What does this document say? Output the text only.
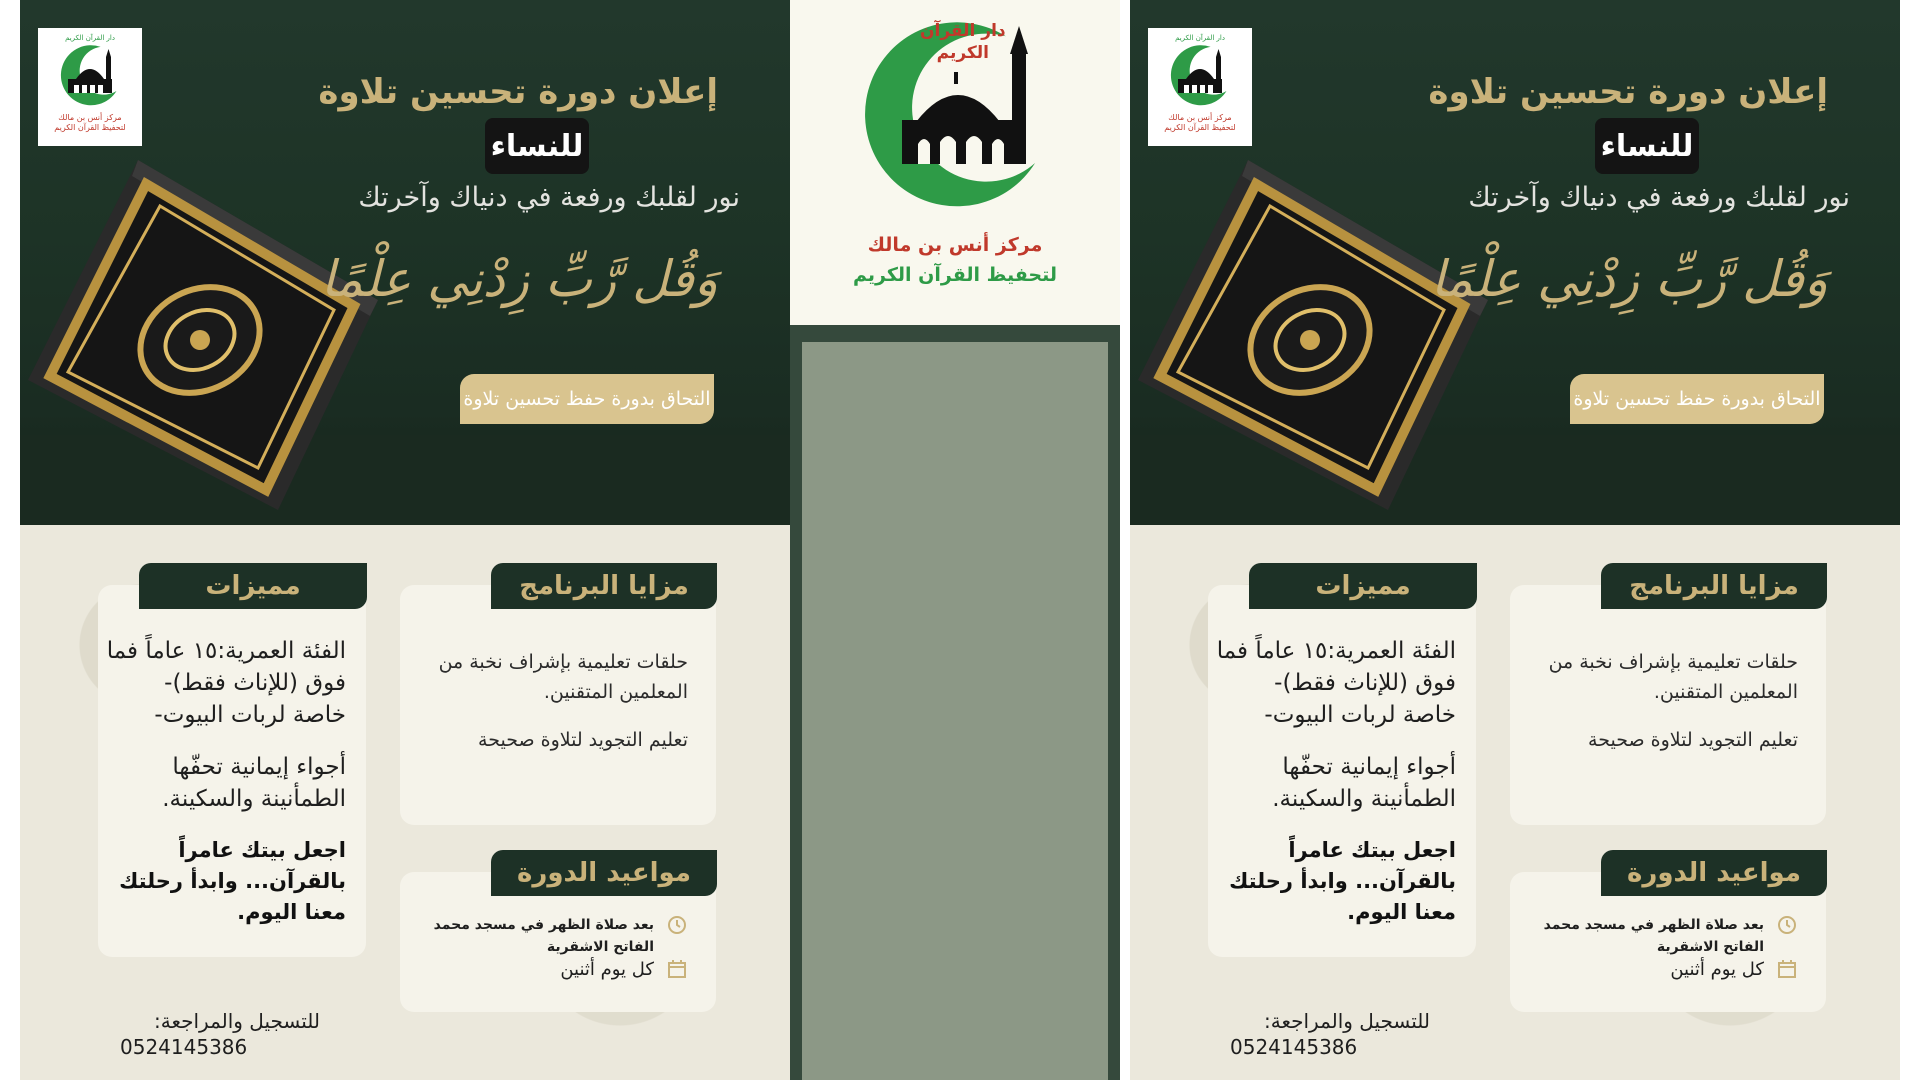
دار القرآن الكريم
مركز أنس بن مالك
لتحفيظ القرآن الكريم
إعلان دورة تحسين تلاوة
للنساء
نور لقلبك ورفعة في دنياك وآخرتك
وَقُل رَّبِّ زِدْنِي عِلْمًا
التحاق بدورة حفظ تحسين تلاوة
مميزات

الفئة العمرية:١٥ عاماً فما فوق (للإناث فقط)- خاصة لربات البيوت-

أجواء إيمانية تحفّها الطمأنينة والسكينة.

اجعل بيتك عامراً بالقرآن... وابدأ رحلتك معنا اليوم.

مزايا البرنامج

حلقات تعليمية بإشراف نخبة من المعلمين المتقنين.

تعليم التجويد لتلاوة صحيحة

مواعيد الدورة
بعد صلاة الظهر في مسجد محمد الفاتح الاشقرية
كل يوم أثنين
للتسجيل والمراجعة:
0524145386
دار القرآن
الكريم
مركز أنس بن مالك
لتحفيظ القرآن الكريم
دار القرآن الكريم
مركز أنس بن مالك
لتحفيظ القرآن الكريم
إعلان دورة تحسين تلاوة
للنساء
نور لقلبك ورفعة في دنياك وآخرتك
وَقُل رَّبِّ زِدْنِي عِلْمًا
التحاق بدورة حفظ تحسين تلاوة
مميزات

الفئة العمرية:١٥ عاماً فما فوق (للإناث فقط)- خاصة لربات البيوت-

أجواء إيمانية تحفّها الطمأنينة والسكينة.

اجعل بيتك عامراً بالقرآن... وابدأ رحلتك معنا اليوم.

مزايا البرنامج

حلقات تعليمية بإشراف نخبة من المعلمين المتقنين.

تعليم التجويد لتلاوة صحيحة

مواعيد الدورة
بعد صلاة الظهر في مسجد محمد الفاتح الاشقرية
كل يوم أثنين
للتسجيل والمراجعة:
0524145386
